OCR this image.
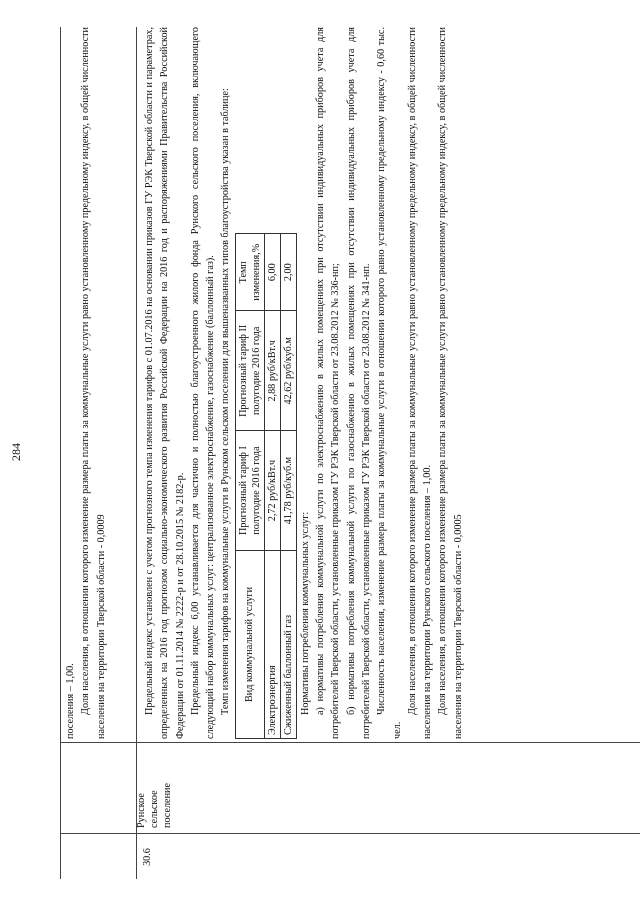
284

поселения – 1,00. Доля населения, в отношении которого изменение размера платы за коммунальные услуги равно установленному предельному индексу, в общей численности населения на территории Тверской области - 0,0009

30.6
Рунское сельское поселение

Предельный индекс установлен с учетом прогнозного темпа изменения тарифов с 01.07.2016 на основании приказов ГУ РЭК Тверской области и параметрах, определенных на 2016 год прогнозом социально-экономического развития Российской Федерации на 2016 год и распоряжениями Правительства Российской Федерации от 01.11.2014 № 2222-р и от 28.10.2015 № 2182-р. Предельный индекс 6,00 устанавливается для частично и полностью благоустроенного жилого фонда Рунского сельского поселения, включающего следующий набор коммунальных услуг: централизованное электроснабжение, газоснабжение (баллонный газ). Темп изменения тарифов на коммунальные услуги в Рунском сельском поселении для вышеназванных типов благоустройства указан в таблице: Вид коммунальной услуги	Прогнозный тариф I полугодие 2016 года	Прогнозный тариф II полугодие 2016 года	Темп изменения,%
Электроэнергия	2,72 руб/кВт.ч	2,88 руб/кВт.ч	6,00
Сжиженный баллонный газ	41,78 руб/куб.м	42,62 руб/куб.м	2,00

Нормативы потребления коммунальных услуг: а) нормативы потребления коммунальной услуги по электроснабжению в жилых помещениях при отсутствии индивидуальных приборов учета для потребителей Тверской области, установленные приказом ГУ РЭК Тверской области от 23.08.2012 № 336-нп; б) нормативы потребления коммунальной услуги по газоснабжению в жилых помещениях при отсутствии индивидуальных приборов учета для потребителей Тверской области, установленные приказом ГУ РЭК Тверской области от 23.08.2012 № 341-нп. Численность населения, изменение размера платы за коммунальные услуги в отношении которого равно установленному предельному индексу - 0,60 тыс. чел.

Доля населения, в отношении которого изменение размера платы за коммунальные услуги равно установленному предельному индексу, в общей численности населения на территории Рунского сельского поселения – 1,00. Доля населения, в отношении которого изменение размера платы за коммунальные услуги равно установленному предельному индексу, в общей численности населения на территории Тверской области - 0,0005
